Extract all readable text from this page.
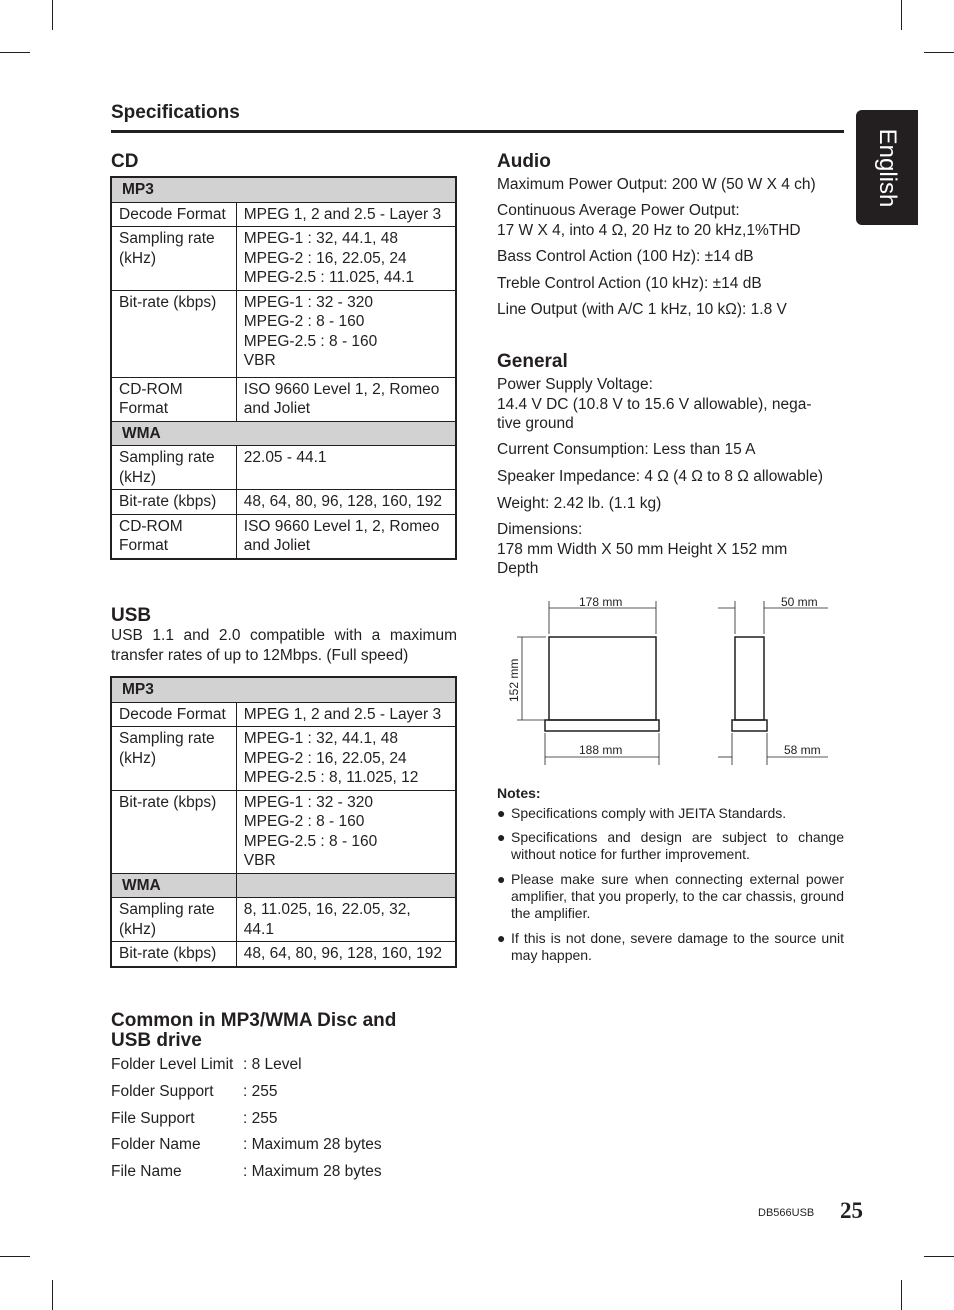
Specifications
English
CD
MP3	
Decode Format	MPEG 1, 2 and 2.5 - Layer 3
Sampling rate
(kHz)	MPEG-1 : 32, 44.1, 48
MPEG-2 : 16, 22.05, 24
MPEG-2.5 : 11.025, 44.1
Bit-rate (kbps)	MPEG-1 : 32 - 320
MPEG-2 : 8 - 160
MPEG-2.5 : 8 - 160
VBR
CD-ROM
Format	ISO 9660 Level 1, 2, Romeo
and Joliet
WMA	
Sampling rate
(kHz)	22.05 - 44.1
Bit-rate (kbps)	48, 64, 80, 96, 128, 160, 192
CD-ROM
Format	ISO 9660 Level 1, 2, Romeo
and Joliet
USB
USB 1.1 and 2.0 compatible with a maximum transfer rates of up to 12Mbps. (Full speed)
MP3	
Decode Format	MPEG 1, 2 and 2.5 - Layer 3
Sampling rate
(kHz)	MPEG-1 : 32, 44.1, 48
MPEG-2 : 16, 22.05, 24
MPEG-2.5 : 8, 11.025, 12
Bit-rate (kbps)	MPEG-1 : 32 - 320
MPEG-2 : 8 - 160
MPEG-2.5 : 8 - 160
VBR
WMA	
Sampling rate
(kHz)	8, 11.025, 16, 22.05, 32,
44.1
Bit-rate (kbps)	48, 64, 80, 96, 128, 160, 192
Common in MP3/WMA Disc and
USB drive
Folder Level Limit : 8 Level
Folder Support : 255
File Support	: 255
Folder Name	: Maximum 28 bytes
File Name	: Maximum 28 bytes
Audio
Maximum Power Output: 200 W (50 W X 4 ch)
Continuous Average Power Output:
17 W X 4, into 4 Ω, 20 Hz to 20 kHz,1%THD
Bass Control Action (100 Hz): ±14 dB
Treble Control Action (10 kHz): ±14 dB
Line Output (with A/C 1 kHz, 10 kΩ): 1.8 V
General
Power Supply Voltage:
14.4 V DC (10.8 V to 15.6 V allowable), nega-
tive ground
Current Consumption: Less than 15 A
Speaker Impedance: 4 Ω (4 Ω to 8 Ω allowable)
Weight: 2.42 lb. (1.1 kg)
Dimensions:
178 mm Width X 50 mm Height X 152 mm
Depth
178 mm
188 mm
152 mm
50 mm
58 mm
Notes:
● Specifications comply with JEITA Standards.
● Specifications and design are subject to change without notice for further improvement.
● Please make sure when connecting external power amplifier, that you properly, to the car chassis, ground the amplifier.
● If this is not done, severe damage to the source unit may happen.
DB566USB 25
